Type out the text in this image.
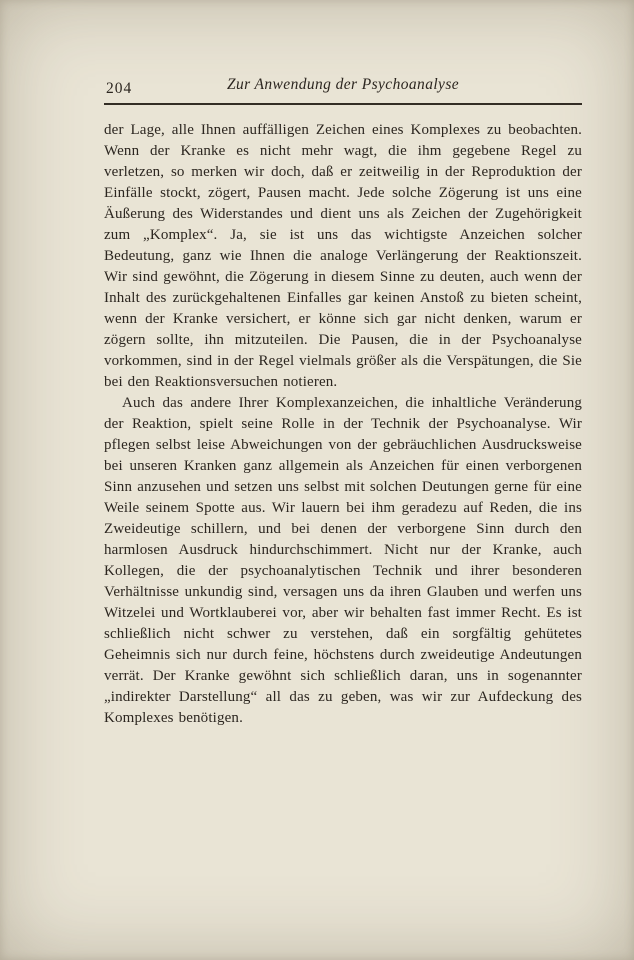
204	Zur Anwendung der Psychoanalyse

der Lage, alle Ihnen auffälligen Zeichen eines Komplexes zu beobachten. Wenn der Kranke es nicht mehr wagt, die ihm gegebene Regel zu verletzen, so merken wir doch, daß er zeitweilig in der Reproduktion der Einfälle stockt, zögert, Pausen macht. Jede solche Zögerung ist uns eine Äußerung des Widerstandes und dient uns als Zeichen der Zugehörigkeit zum „Komplex“. Ja, sie ist uns das wichtigste Anzeichen solcher Bedeutung, ganz wie Ihnen die analoge Verlängerung der Reaktionszeit. Wir sind gewöhnt, die Zögerung in diesem Sinne zu deuten, auch wenn der Inhalt des zurückgehaltenen Einfalles gar keinen Anstoß zu bieten scheint, wenn der Kranke versichert, er könne sich gar nicht denken, warum er zögern sollte, ihn mitzuteilen. Die Pausen, die in der Psychoanalyse vorkommen, sind in der Regel vielmals größer als die Verspätungen, die Sie bei den Reaktionsversuchen notieren.

Auch das andere Ihrer Komplexanzeichen, die inhaltliche Veränderung der Reaktion, spielt seine Rolle in der Technik der Psychoanalyse. Wir pflegen selbst leise Abweichungen von der gebräuchlichen Ausdrucksweise bei unseren Kranken ganz allgemein als Anzeichen für einen verborgenen Sinn anzusehen und setzen uns selbst mit solchen Deutungen gerne für eine Weile seinem Spotte aus. Wir lauern bei ihm geradezu auf Reden, die ins Zweideutige schillern, und bei denen der verborgene Sinn durch den harmlosen Ausdruck hindurchschimmert. Nicht nur der Kranke, auch Kollegen, die der psychoanalytischen Technik und ihrer besonderen Verhältnisse unkundig sind, versagen uns da ihren Glauben und werfen uns Witzelei und Wortklauberei vor, aber wir behalten fast immer Recht. Es ist schließlich nicht schwer zu verstehen, daß ein sorgfältig gehütetes Geheimnis sich nur durch feine, höchstens durch zweideutige Andeutungen verrät. Der Kranke gewöhnt sich schließlich daran, uns in sogenannter „indirekter Darstellung“ all das zu geben, was wir zur Aufdeckung des Komplexes benötigen.
